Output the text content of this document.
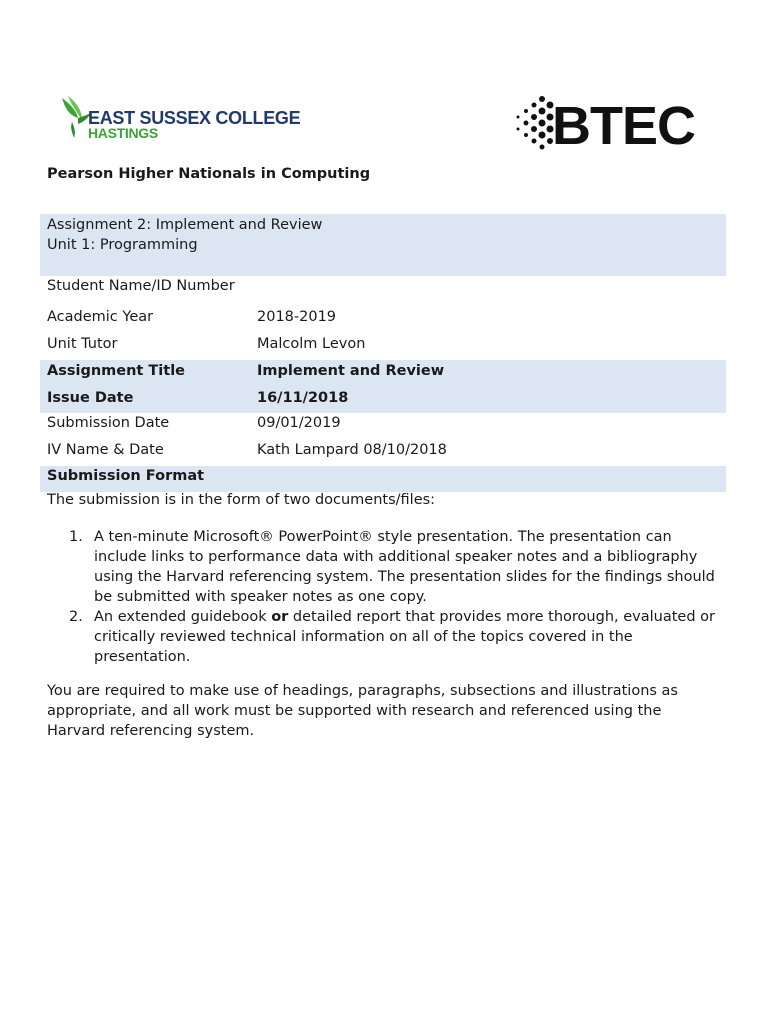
EAST SUSSEX COLLEGE
HASTINGS	BTEC
Pearson Higher Nationals in Computing
Assignment 2: Implement and Review
Unit 1: Programming
Student Name/ID Number
Academic Year	2018-2019
Unit Tutor	Malcolm Levon
Assignment Title	Implement and Review
Issue Date	16/11/2018
Submission Date	09/01/2019
IV Name & Date	Kath Lampard 08/10/2018
Submission Format
The submission is in the form of two documents/files:
1. A ten-minute Microsoft® PowerPoint® style presentation. The presentation can include links to performance data with additional speaker notes and a bibliography using the Harvard referencing system. The presentation slides for the findings should be submitted with speaker notes as one copy.
2. An extended guidebook or detailed report that provides more thorough, evaluated or critically reviewed technical information on all of the topics covered in the presentation.
You are required to make use of headings, paragraphs, subsections and illustrations as appropriate, and all work must be supported with research and referenced using the Harvard referencing system.
